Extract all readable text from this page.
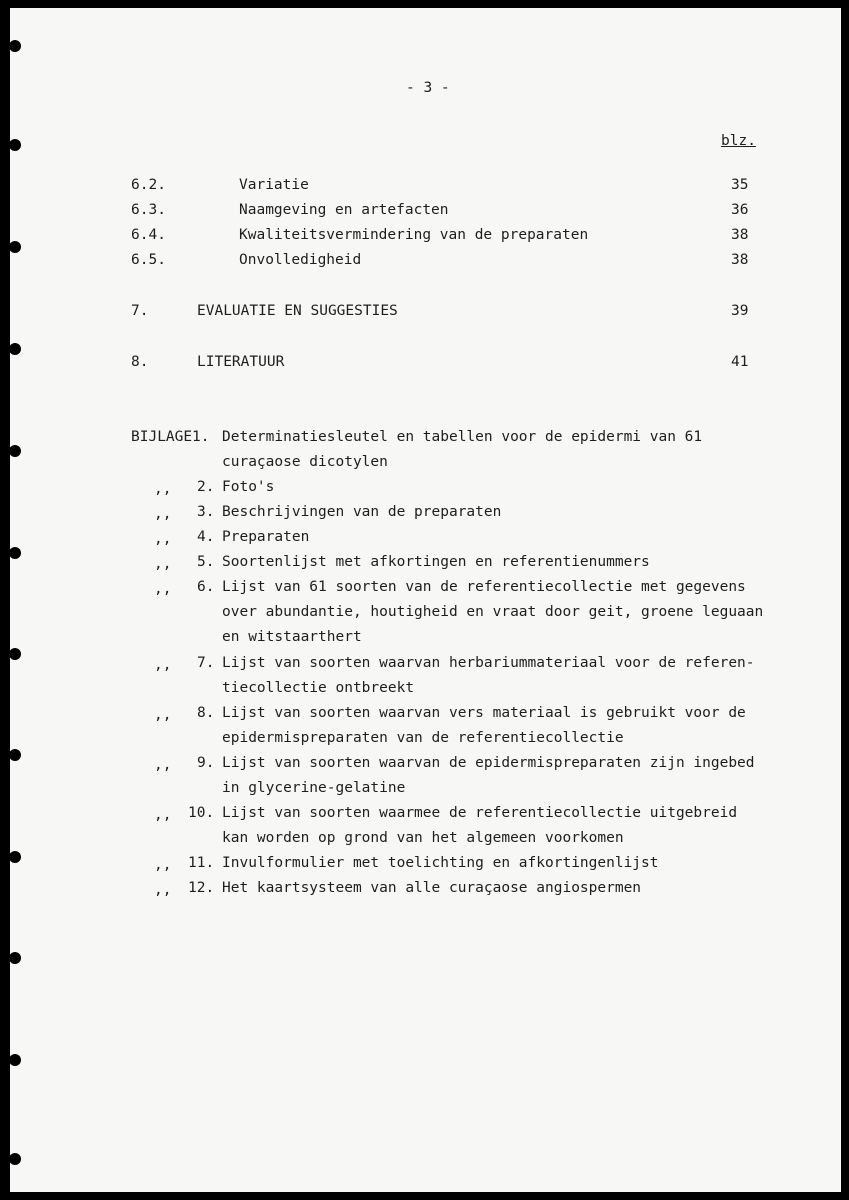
- 3 -
blz.
6.2.	Variatie	35
6.3.	Naamgeving en artefacten	36
6.4.	Kwaliteitsvermindering van de preparaten	38
6.5.	Onvolledigheid	38
7.	EVALUATIE EN SUGGESTIES	39
8.	LITERATUUR	41
BIJLAGE 1. Determinatiesleutel en tabellen voor de epidermi van 61
curaçaose dicotylen
,, 2. Foto's
,, 3. Beschrijvingen van de preparaten
,, 4. Preparaten
,, 5. Soortenlijst met afkortingen en referentienummers
,, 6. Lijst van 61 soorten van de referentiecollectie met gegevens
over abundantie, houtigheid en vraat door geit, groene leguaan
en witstaarthert
,, 7. Lijst van soorten waarvan herbariummateriaal voor de referen-
tiecollectie ontbreekt
,, 8. Lijst van soorten waarvan vers materiaal is gebruikt voor de
epidermispreparaten van de referentiecollectie
,, 9. Lijst van soorten waarvan de epidermispreparaten zijn ingebed
in glycerine-gelatine
,, 10. Lijst van soorten waarmee de referentiecollectie uitgebreid
kan worden op grond van het algemeen voorkomen
,, 11. Invulformulier met toelichting en afkortingenlijst
,, 12. Het kaartsysteem van alle curaçaose angiospermen
